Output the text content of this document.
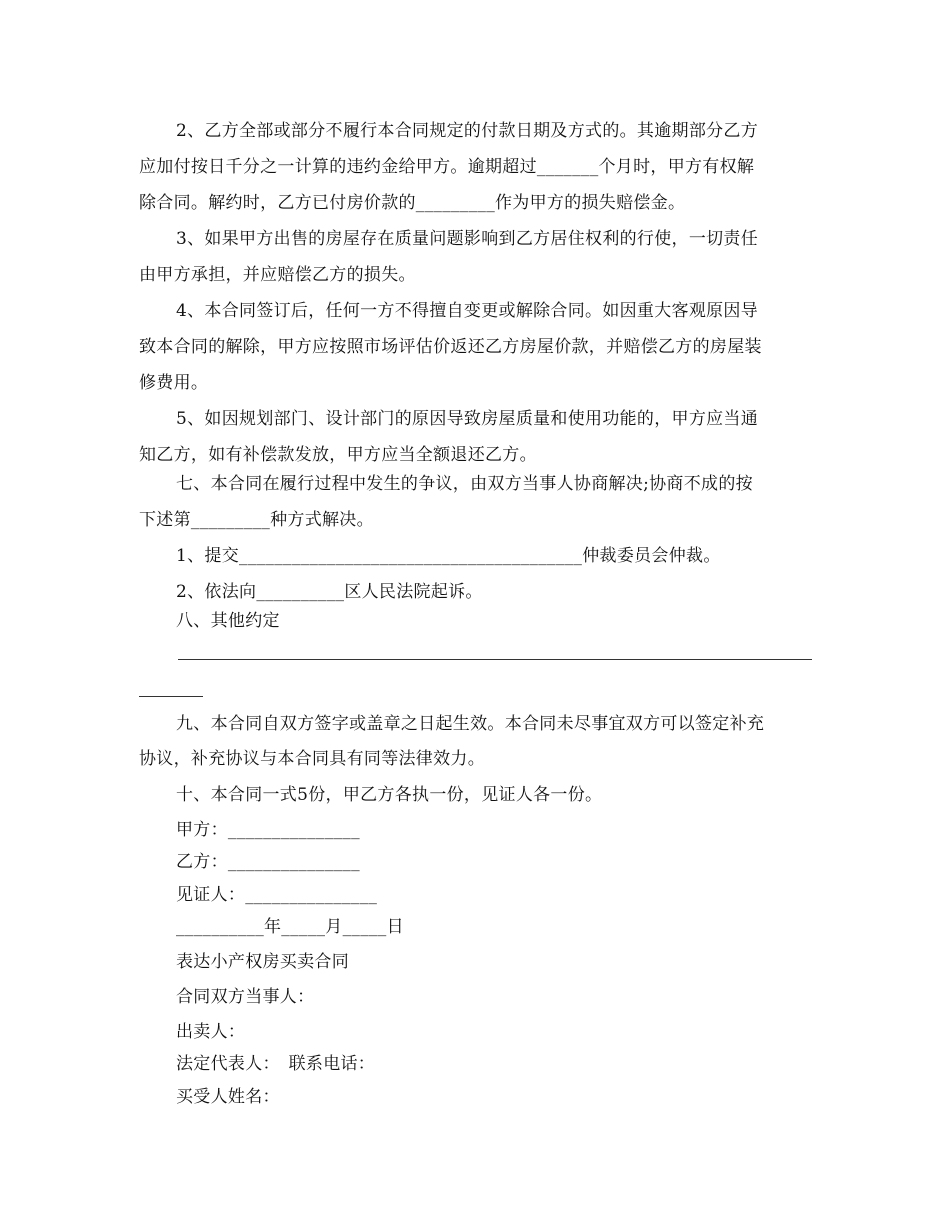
2、乙方全部或部分不履行本合同规定的付款日期及方式的。其逾期部分乙方

应加付按日千分之一计算的违约金给甲方。逾期超过_______个月时，甲方有权解

除合同。解约时，乙方已付房价款的_________作为甲方的损失赔偿金。

3、如果甲方出售的房屋存在质量问题影响到乙方居住权利的行使，一切责任

由甲方承担，并应赔偿乙方的损失。

4、本合同签订后，任何一方不得擅自变更或解除合同。如因重大客观原因导

致本合同的解除，甲方应按照市场评估价返还乙方房屋价款，并赔偿乙方的房屋装

修费用。

5、如因规划部门、设计部门的原因导致房屋质量和使用功能的，甲方应当通

知乙方，如有补偿款发放，甲方应当全额退还乙方。

七、本合同在履行过程中发生的争议，由双方当事人协商解决;协商不成的按

下述第_________种方式解决。

1、提交_______________________________________仲裁委员会仲裁。

2、依法向__________区人民法院起诉。

八、其他约定

九、本合同自双方签字或盖章之日起生效。本合同未尽事宜双方可以签定补充

协议，补充协议与本合同具有同等法律效力。

十、本合同一式5份，甲乙方各执一份，见证人各一份。

甲方：_______________

乙方：_______________

见证人：_______________

__________年_____月_____日

表达小产权房买卖合同

合同双方当事人：

出卖人：

法定代表人：　联系电话：

买受人姓名：
